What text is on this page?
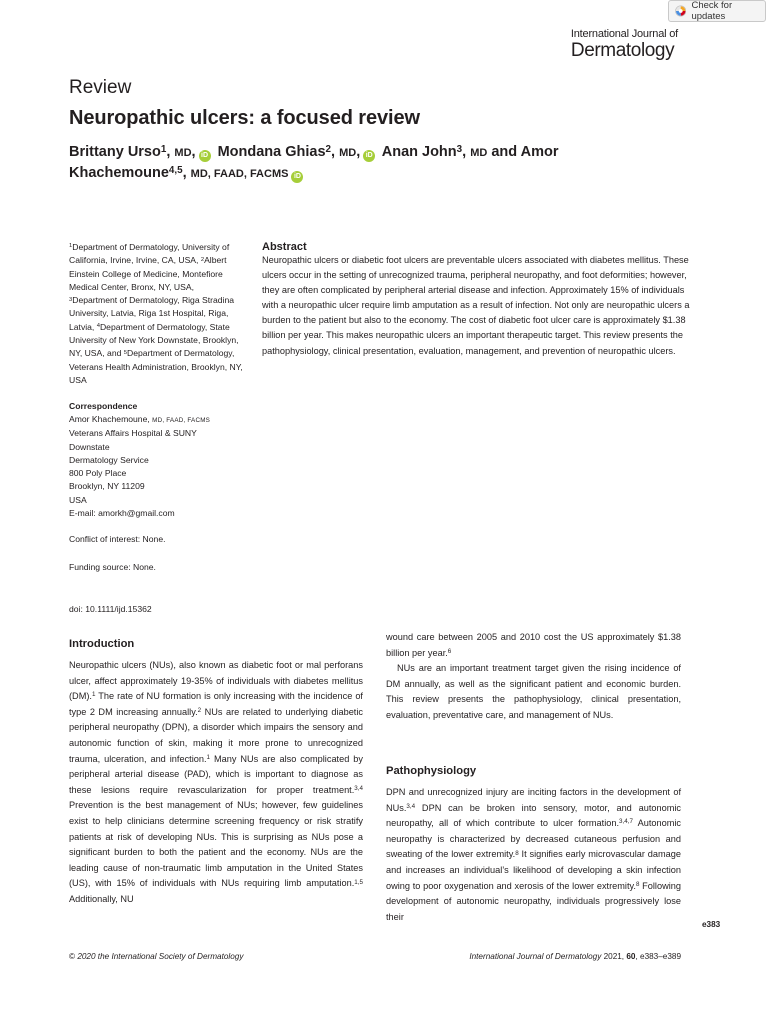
Check for updates
International Journal of
Dermatology
Review
Neuropathic ulcers: a focused review
Brittany Urso$^1$, MD, iD Mondana Ghias$^2$, MD, iD Anan John$^3$, MD and Amor Khachemoune$^{4,5}$, MD, FAAD, FACMS iD
$^1$Department of Dermatology, University of California, Irvine, Irvine, CA, USA, $^2$Albert Einstein College of Medicine, Montefiore Medical Center, Bronx, NY, USA,
$^3$Department of Dermatology, Riga Stradina University, Latvia, Riga 1st Hospital, Riga, Latvia, $^4$Department of Dermatology, State University of New York Downstate, Brooklyn, NY, USA, and $^5$Department of Dermatology, Veterans Health Administration, Brooklyn, NY, USA
Correspondence
Amor Khachemoune, MD, FAAD, FACMS
Veterans Affairs Hospital & SUNY
Downstate
Dermatology Service
800 Poly Place
Brooklyn, NY 11209
USA
E-mail: amorkh@gmail.com
Conflict of interest: None.
Funding source: None.
doi: 10.1111/ijd.15362
Abstract
Neuropathic ulcers or diabetic foot ulcers are preventable ulcers associated with diabetes mellitus. These ulcers occur in the setting of unrecognized trauma, peripheral neuropathy, and foot deformities; however, they are often complicated by peripheral arterial disease and infection. Approximately 15% of individuals with a neuropathic ulcer require limb amputation as a result of infection. Not only are neuropathic ulcers a burden to the patient but also to the economy. The cost of diabetic foot ulcer care is approximately $1.38 billion per year. This makes neuropathic ulcers an important therapeutic target. This review presents the pathophysiology, clinical presentation, evaluation, management, and prevention of neuropathic ulcers.
Introduction

Neuropathic ulcers (NUs), also known as diabetic foot or mal perforans ulcer, affect approximately 19-35% of individuals with diabetes mellitus (DM).$^1$ The rate of NU formation is only increasing with the incidence of type 2 DM increasing annually.$^2$ NUs are related to underlying diabetic peripheral neuropathy (DPN), a disorder which impairs the sensory and autonomic function of skin, making it more prone to unrecognized trauma, ulceration, and infection.$^1$ Many NUs are also complicated by peripheral arterial disease (PAD), which is important to diagnose as these lesions require revascularization for proper treatment.$^{3,4}$ Prevention is the best management of NUs; however, few guidelines exist to help clinicians determine screening frequency or risk stratify patients at risk of developing NUs. This is surprising as NUs pose a significant burden to both the patient and the economy. NUs are the leading cause of non-traumatic limb amputation in the United States (US), with 15% of individuals with NUs requiring limb amputation.$^{1,5}$ Additionally, NU

wound care between 2005 and 2010 cost the US approximately $1.38 billion per year.$^6$

NUs are an important treatment target given the rising incidence of DM annually, as well as the significant patient and economic burden. This review presents the pathophysiology, clinical presentation, evaluation, preventative care, and management of NUs.

Pathophysiology

DPN and unrecognized injury are inciting factors in the development of NUs.$^{3,4}$ DPN can be broken into sensory, motor, and autonomic neuropathy, all of which contribute to ulcer formation.$^{3,4,7}$ Autonomic neuropathy is characterized by decreased cutaneous perfusion and sweating of the lower extremity.$^8$ It signifies early microvascular damage and increases an individual’s likelihood of developing a skin infection owing to poor oxygenation and xerosis of the lower extremity.$^8$ Following development of autonomic neuropathy, individuals progressively lose their

e383
© 2020 the International Society of Dermatology	International Journal of Dermatology 2021, 60, e383–e389
